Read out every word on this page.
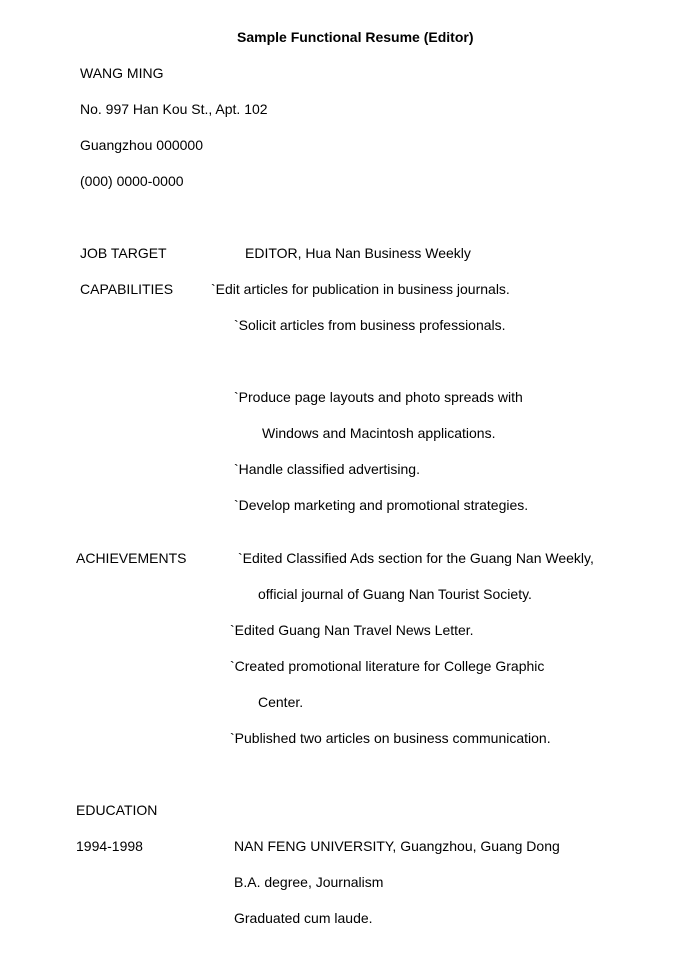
Sample Functional Resume (Editor)
WANG MING
No. 997 Han Kou St., Apt. 102
Guangzhou 000000
(000) 0000-0000
JOB TARGET	EDITOR, Hua Nan Business Weekly
CAPABILITIES	`Edit articles for publication in business journals.
`Solicit articles from business professionals.
`Produce page layouts and photo spreads with
Windows and Macintosh applications.
`Handle classified advertising.
`Develop marketing and promotional strategies.
ACHIEVEMENTS	`Edited Classified Ads section for the Guang Nan Weekly,
official journal of Guang Nan Tourist Society.
`Edited Guang Nan Travel News Letter.
`Created promotional literature for College Graphic
Center.
`Published two articles on business communication.
EDUCATION
1994-1998	NAN FENG UNIVERSITY, Guangzhou, Guang Dong
B.A. degree, Journalism
Graduated cum laude.
